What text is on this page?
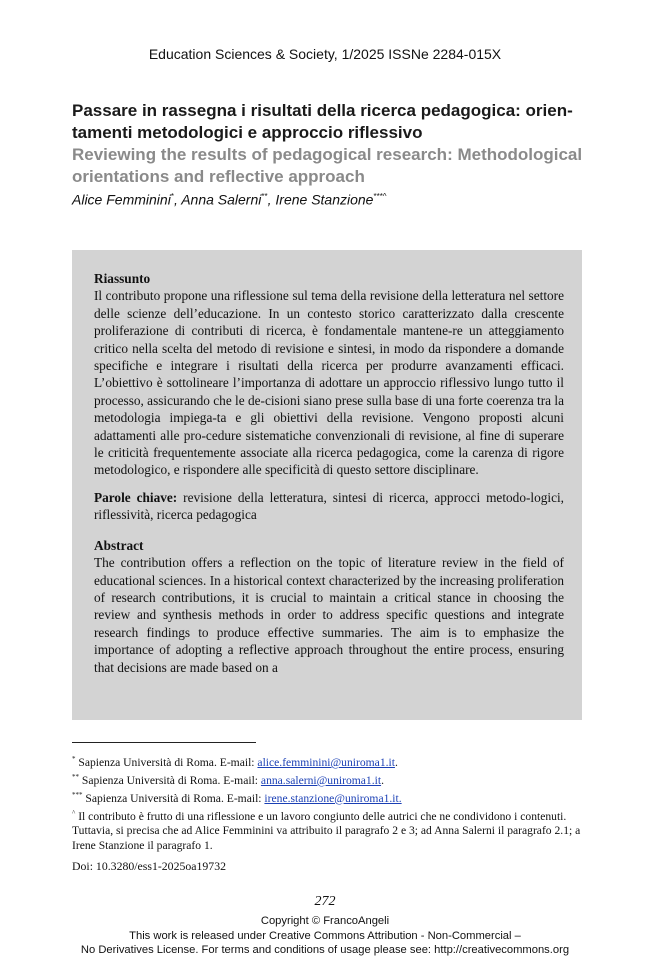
Education Sciences & Society, 1/2025 ISSNe 2284-015X

Passare in rassegna i risultati della ricerca pedagogica: orien-tamenti metodologici e approccio riflessivo

Reviewing the results of pedagogical research: Methodological orientations and reflective approach

Alice Femminini*, Anna Salerni**, Irene Stanzione***^

Riassunto

Il contributo propone una riflessione sul tema della revisione della letteratura nel settore delle scienze dell’educazione. In un contesto storico caratterizzato dalla crescente proliferazione di contributi di ricerca, è fondamentale mantene-re un atteggiamento critico nella scelta del metodo di revisione e sintesi, in modo da rispondere a domande specifiche e integrare i risultati della ricerca per produrre avanzamenti efficaci. L’obiettivo è sottolineare l’importanza di adottare un approccio riflessivo lungo tutto il processo, assicurando che le de-cisioni siano prese sulla base di una forte coerenza tra la metodologia impiega-ta e gli obiettivi della revisione. Vengono proposti alcuni adattamenti alle pro-cedure sistematiche convenzionali di revisione, al fine di superare le criticità frequentemente associate alla ricerca pedagogica, come la carenza di rigore metodologico, e rispondere alle specificità di questo settore disciplinare.

Parole chiave: revisione della letteratura, sintesi di ricerca, approcci metodo-logici, riflessività, ricerca pedagogica

Abstract

The contribution offers a reflection on the topic of literature review in the field of educational sciences. In a historical context characterized by the increasing proliferation of research contributions, it is crucial to maintain a critical stance in choosing the review and synthesis methods in order to address specific questions and integrate research findings to produce effective summaries. The aim is to emphasize the importance of adopting a reflective approach throughout the entire process, ensuring that decisions are made based on a

* Sapienza Università di Roma. E-mail: alice.femminini@uniroma1.it.

** Sapienza Università di Roma. E-mail: anna.salerni@uniroma1.it.

*** Sapienza Università di Roma. E-mail: irene.stanzione@uniroma1.it.

^ Il contributo è frutto di una riflessione e un lavoro congiunto delle autrici che ne condividono i contenuti. Tuttavia, si precisa che ad Alice Femminini va attribuito il paragrafo 2 e 3; ad Anna Salerni il paragrafo 2.1; a Irene Stanzione il paragrafo 1.

Doi: 10.3280/ess1-2025oa19732
272

Copyright © FrancoAngeli

This work is released under Creative Commons Attribution - Non-Commercial –

No Derivatives License. For terms and conditions of usage please see: http://creativecommons.org
